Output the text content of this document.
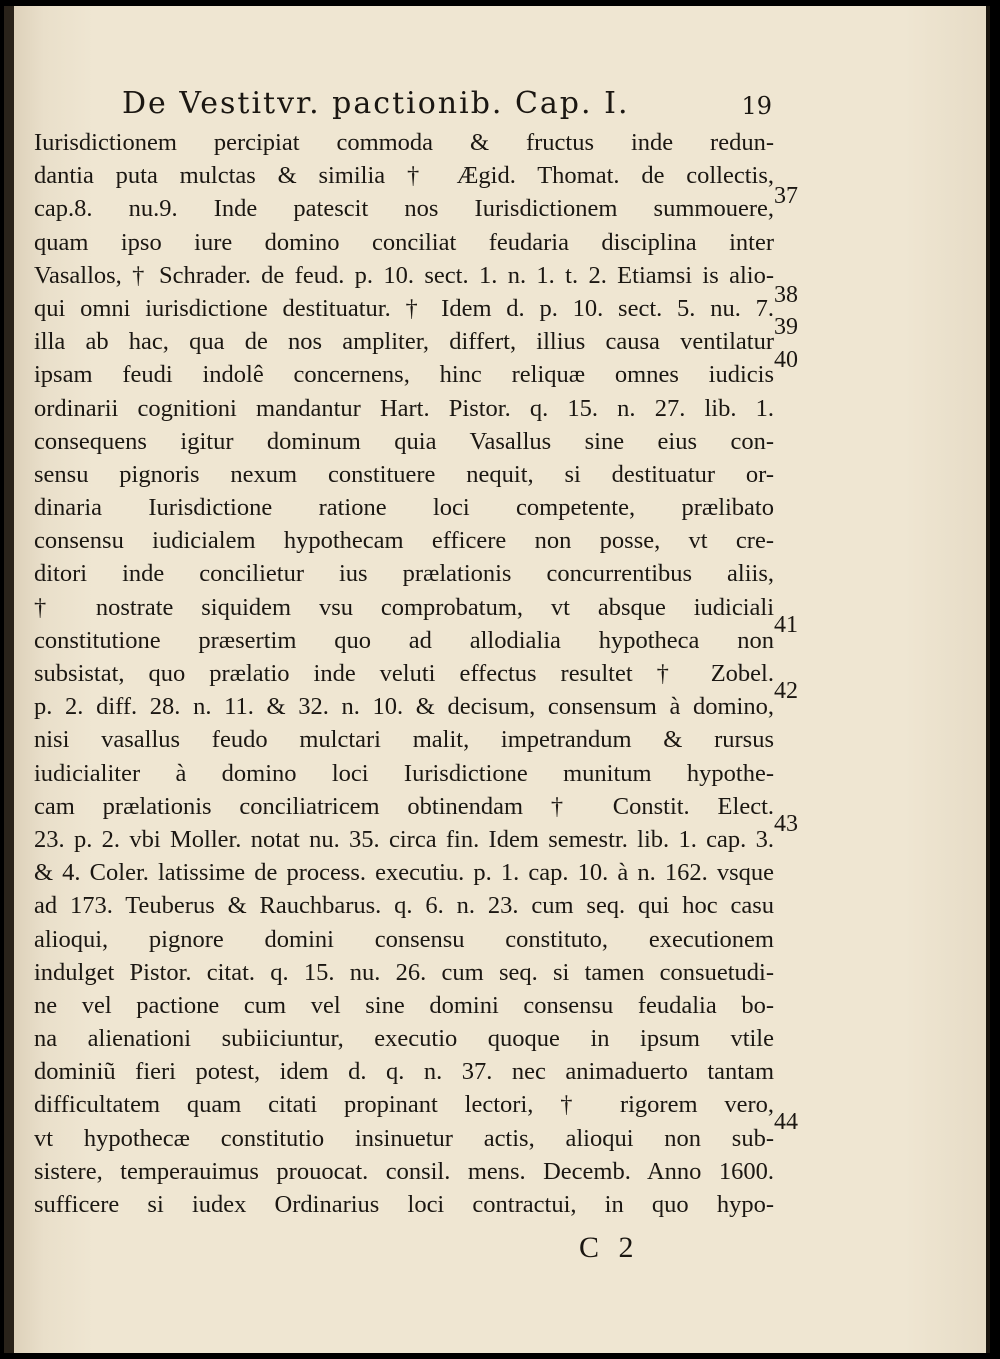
De Vestitvr. pactionib. Cap. I.	19
Iurisdictionem percipiat commoda & fructus inde redun-
dantia puta mulctas & similia † Ægid. Thomat. de collectis,
cap.8. nu.9. Inde patescit nos Iurisdictionem summouere,
quam ipso iure domino conciliat feudaria disciplina inter
Vasallos, † Schrader. de feud. p. 10. sect. 1. n. 1. t. 2. Etiamsi is alio-
qui omni iurisdictione destituatur. † Idem d. p. 10. sect. 5. nu. 7.
illa ab hac, qua de nos ampliter, differt, illius causa ventilatur
ipsam feudi indolê concernens, hinc reliquæ omnes iudicis
ordinarii cognitioni mandantur Hart. Pistor. q. 15. n. 27. lib. 1.
consequens igitur dominum quia Vasallus sine eius con-
sensu pignoris nexum constituere nequit, si destituatur or-
dinaria Iurisdictione ratione loci competente, prælibato
consensu iudicialem hypothecam efficere non posse, vt cre-
ditori inde concilietur ius prælationis concurrentibus aliis,
† nostrate siquidem vsu comprobatum, vt absque iudiciali
constitutione præsertim quo ad allodialia hypotheca non
subsistat, quo prælatio inde veluti effectus resultet † Zobel.
p. 2. diff. 28. n. 11. & 32. n. 10. & decisum, consensum à domino,
nisi vasallus feudo mulctari malit, impetrandum & rursus
iudicialiter à domino loci Iurisdictione munitum hypothe-
cam prælationis conciliatricem obtinendam † Constit. Elect.
23. p. 2. vbi Moller. notat nu. 35. circa fin. Idem semestr. lib. 1. cap. 3.
& 4. Coler. latissime de process. executiu. p. 1. cap. 10. à n. 162. vsque
ad 173. Teuberus & Rauchbarus. q. 6. n. 23. cum seq. qui hoc casu
alioqui, pignore domini consensu constituto, executionem
indulget Pistor. citat. q. 15. nu. 26. cum seq. si tamen consuetudi-
ne vel pactione cum vel sine domini consensu feudalia bo-
na alienationi subiiciuntur, executio quoque in ipsum vtile
dominiũ fieri potest, idem d. q. n. 37. nec animaduerto tantam
difficultatem quam citati propinant lectori, † rigorem vero,
vt hypothecæ constitutio insinuetur actis, alioqui non sub-
sistere, temperauimus prouocat. consil. mens. Decemb. Anno 1600.
sufficere si iudex Ordinarius loci contractui, in quo hypo-
37
38
39
40
41
42
43
44
C 2
